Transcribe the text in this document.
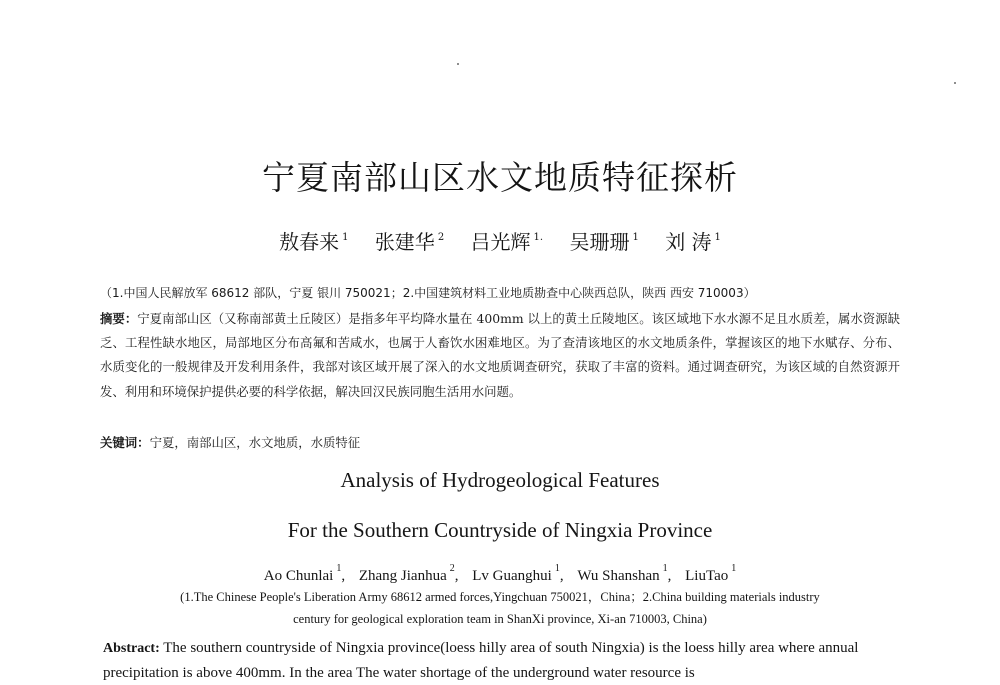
宁夏南部山区水文地质特征探析
敖春来 $^1$ 张建华 $^2$ 吕光辉 $^{1.}$ 吴珊珊 $^1$ 刘 涛 $^1$
（1.中国人民解放军 68612 部队，宁夏 银川 750021；2.中国建筑材料工业地质勘查中心陕西总队，陕西 西安 710003）
摘要：宁夏南部山区（又称南部黄土丘陵区）是指多年平均降水量在 400mm 以上的黄土丘陵地区。该区域地下水水源不足且水质差，属水资源缺乏、工程性缺水地区，局部地区分布高氟和苦咸水，也属于人畜饮水困难地区。为了查清该地区的水文地质条件，掌握该区的地下水赋存、分布、水质变化的一般规律及开发利用条件，我部对该区域开展了深入的水文地质调查研究，获取了丰富的资料。通过调查研究，为该区域的自然资源开发、利用和环境保护提供必要的科学依据，解决回汉民族同胞生活用水问题。
关键词：宁夏，南部山区，水文地质，水质特征
Analysis of Hydrogeological Features
For the Southern Countryside of Ningxia Province
Ao Chunlai $^1$, Zhang Jianhua $^2$, Lv Guanghui $^1$, Wu Shanshan $^1$, LiuTao $^1$
(1.The Chinese People's Liberation Army 68612 armed forces,Yingchuan 750021，China；2.China building materials industry
century for geological exploration team in ShanXi province, Xi-an 710003, China)
Abstract: The southern countryside of Ningxia province(loess hilly area of south Ningxia) is the loess hilly area where annual precipitation is above 400mm. In the area The water shortage of the underground water resource is
